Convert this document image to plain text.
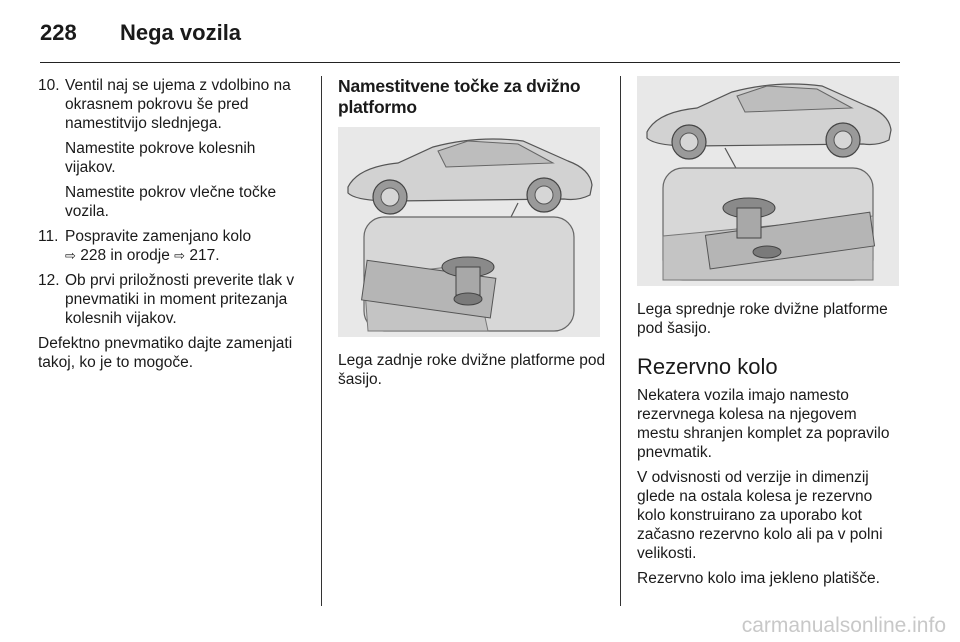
228 Nega vozila
10. Ventil naj se ujema z vdolbino na okrasnem pokrovu še pred namestitvijo slednjega.
Namestite pokrove kolesnih vijakov.
Namestite pokrov vlečne točke vozila.
11. Pospravite zamenjano kolo
⇨ 228 in orodje ⇨ 217.
12. Ob prvi priložnosti preverite tlak v pnevmatiki in moment pritezanja kolesnih vijakov.
Defektno pnevmatiko dajte zamenjati takoj, ko je to mogoče.
Namestitvene točke za dvižno platformo
Lega zadnje roke dvižne platforme pod šasijo.
Lega sprednje roke dvižne platforme pod šasijo.
Rezervno kolo
Nekatera vozila imajo namesto rezervnega kolesa na njegovem mestu shranjen komplet za popravilo pnevmatik.
V odvisnosti od verzije in dimenzij glede na ostala kolesa je rezervno kolo konstruirano za uporabo kot začasno rezervno kolo ali pa v polni velikosti.
Rezervno kolo ima jekleno platišče.
carmanualsonline.info
